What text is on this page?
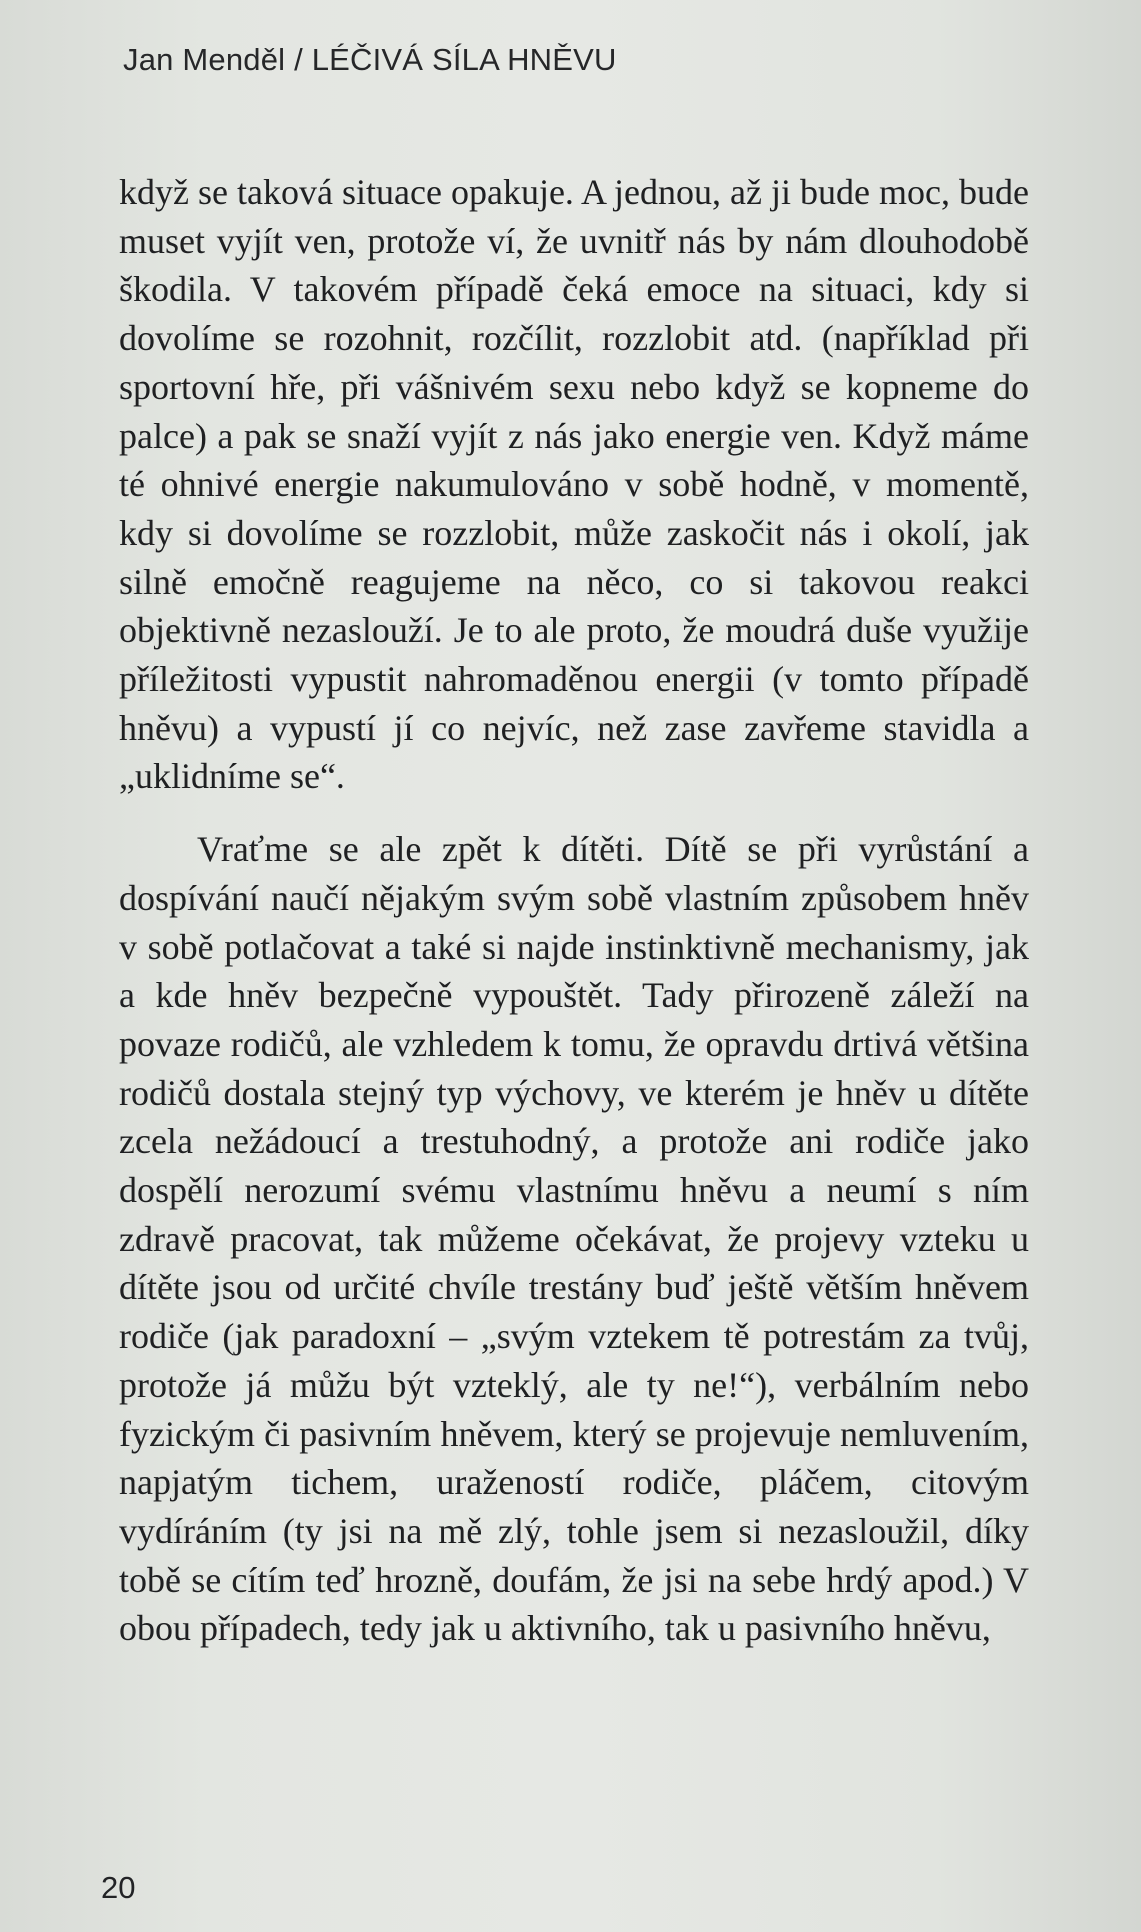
Jan Menděl / LÉČIVÁ SÍLA HNĚVU

když se taková situace opakuje. A jednou, až ji bude moc, bude muset vyjít ven, protože ví, že uvnitř nás by nám dlouhodobě škodila. V takovém případě čeká emoce na situaci, kdy si dovolíme se rozohnit, rozčílit, rozzlobit atd. (například při sportovní hře, při vášnivém sexu nebo když se kopneme do palce) a pak se snaží vyjít z nás jako energie ven. Když máme té ohnivé energie nakumulováno v sobě hodně, v momentě, kdy si dovolíme se rozzlobit, může zaskočit nás i okolí, jak silně emočně reagujeme na něco, co si takovou reakci objektivně nezaslouží. Je to ale proto, že moudrá duše využije příležitosti vypustit nahromaděnou energii (v tomto případě hněvu) a vypustí jí co nejvíc, než zase zavřeme stavidla a „uklidníme se“.

Vraťme se ale zpět k dítěti. Dítě se při vyrůstání a dospívání naučí nějakým svým sobě vlastním způsobem hněv v sobě potlačovat a také si najde instinktivně mechanismy, jak a kde hněv bezpečně vypouštět. Tady přirozeně záleží na povaze rodičů, ale vzhledem k tomu, že opravdu drtivá většina rodičů dostala stejný typ výchovy, ve kterém je hněv u dítěte zcela nežádoucí a trestuhodný, a protože ani rodiče jako dospělí nerozumí svému vlastnímu hněvu a neumí s ním zdravě pracovat, tak můžeme očekávat, že projevy vzteku u dítěte jsou od určité chvíle trestány buď ještě větším hněvem rodiče (jak paradoxní – „svým vztekem tě potrestám za tvůj, protože já můžu být vzteklý, ale ty ne!“), verbálním nebo fyzickým či pasivním hněvem, který se projevuje nemluvením, napjatým tichem, uražeností rodiče, pláčem, citovým vydíráním (ty jsi na mě zlý, tohle jsem si nezasloužil, díky tobě se cítím teď hrozně, doufám, že jsi na sebe hrdý apod.) V obou případech, tedy jak u aktivního, tak u pasivního hněvu,

20
